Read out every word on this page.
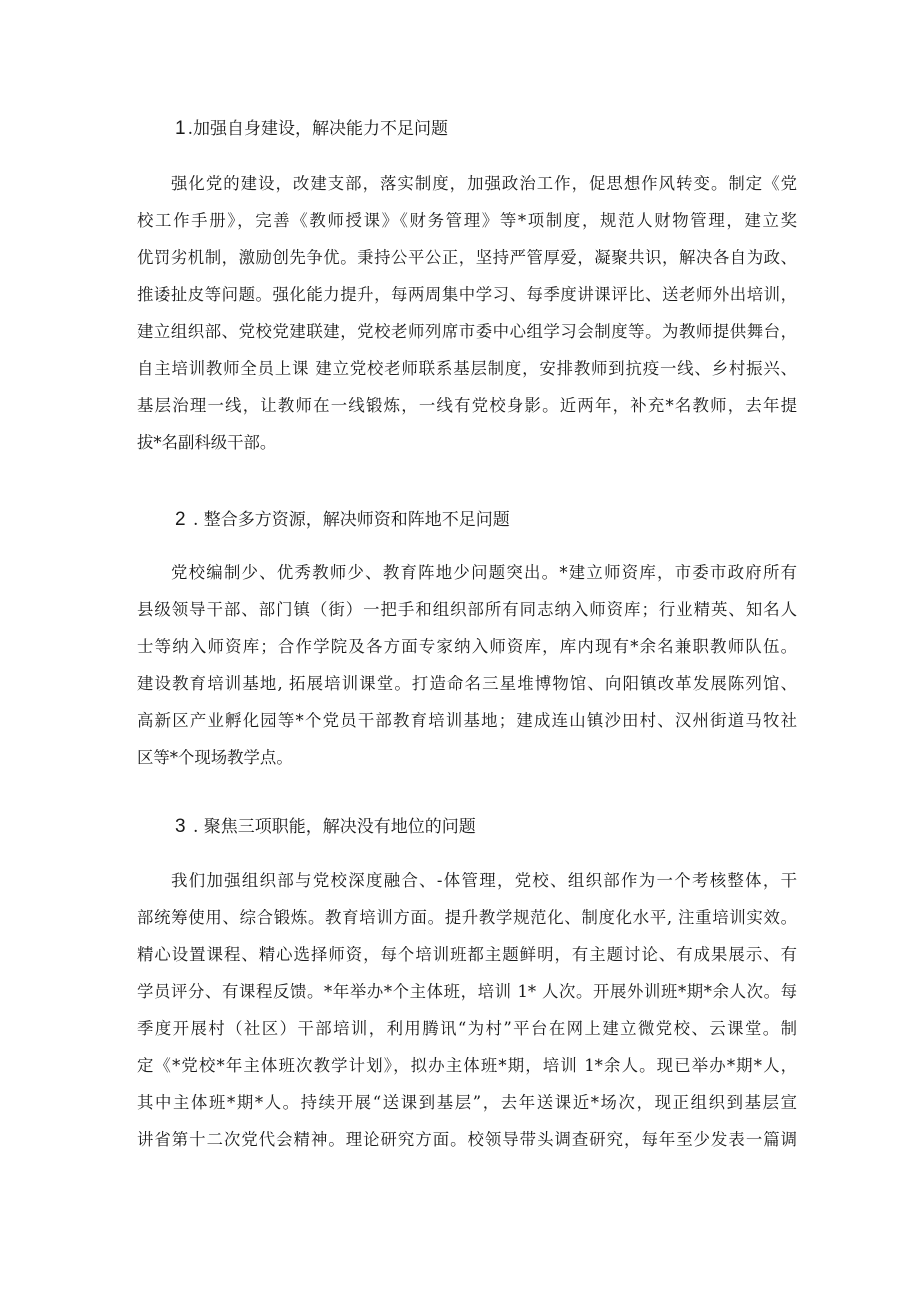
1 .加强自身建设，解决能力不足问题
强化党的建设，改建支部，落实制度，加强政治工作，促思想作风转变。制定《党
校工作手册》，完善《教师授课》《财务管理》等*项制度，规范人财物管理，建立奖
优罚劣机制，激励创先争优。秉持公平公正，坚持严管厚爱，凝聚共识，解决各自为政、
推诿扯皮等问题。强化能力提升，每两周集中学习、每季度讲课评比、送老师外出培训，
建立组织部、党校党建联建，党校老师列席市委中心组学习会制度等。为教师提供舞台，
自主培训教师全员上课 建立党校老师联系基层制度，安排教师到抗疫一线、乡村振兴、
基层治理一线，让教师在一线锻炼，一线有党校身影。近两年，补充*名教师，去年提
拔*名副科级干部。
2 . 整合多方资源，解决师资和阵地不足问题
党校编制少、优秀教师少、教育阵地少问题突出。*建立师资库，市委市政府所有
县级领导干部、部门镇（街）一把手和组织部所有同志纳入师资库；行业精英、知名人
士等纳入师资库；合作学院及各方面专家纳入师资库，库内现有*余名兼职教师队伍。
建设教育培训基地, 拓展培训课堂。打造命名三星堆博物馆、向阳镇改革发展陈列馆、
高新区产业孵化园等*个党员干部教育培训基地；建成连山镇沙田村、汉州街道马牧社
区等*个现场教学点。
3 . 聚焦三项职能，解决没有地位的问题
我们加强组织部与党校深度融合、-体管理，党校、组织部作为一个考核整体，干
部统筹使用、综合锻炼。教育培训方面。提升教学规范化、制度化水平, 注重培训实效。
精心设置课程、精心选择师资，每个培训班都主题鲜明，有主题讨论、有成果展示、有
学员评分、有课程反馈。*年举办*个主体班，培训 1* 人次。开展外训班*期*余人次。每
季度开展村（社区）干部培训，利用腾讯“为村”平台在网上建立微党校、云课堂。制
定《*党校*年主体班次教学计划》，拟办主体班*期，培训 1*余人。现已举办*期*人，
其中主体班*期*人。持续开展“送课到基层”，去年送课近*场次，现正组织到基层宣
讲省第十二次党代会精神。理论研究方面。校领导带头调查研究，每年至少发表一篇调
